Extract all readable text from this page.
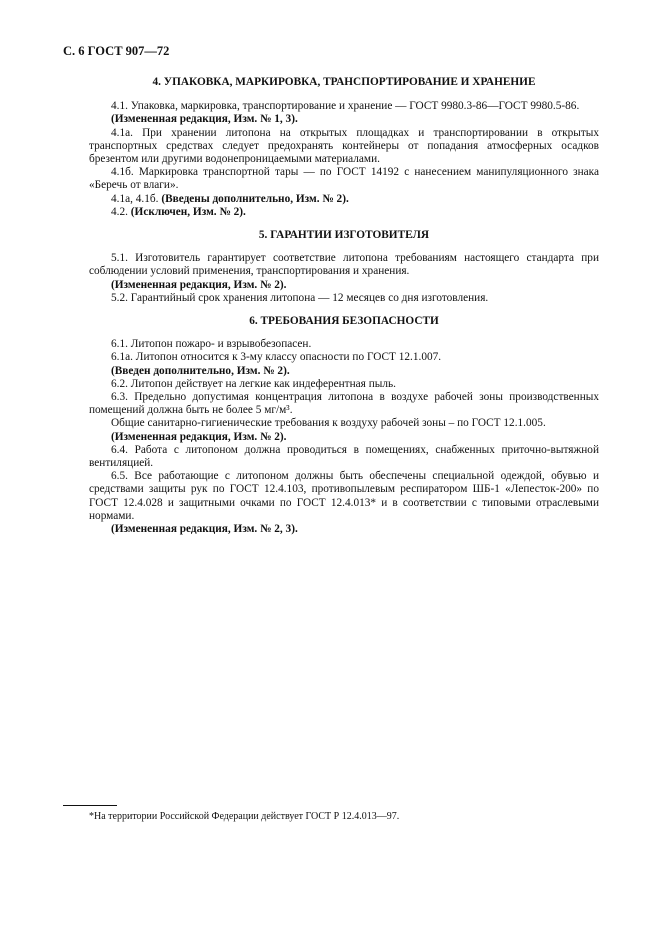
С. 6 ГОСТ 907—72
4. УПАКОВКА, МАРКИРОВКА, ТРАНСПОРТИРОВАНИЕ И ХРАНЕНИЕ

4.1. Упаковка, маркировка, транспортирование и хранение — ГОСТ 9980.3-86—ГОСТ 9980.5-86.

(Измененная редакция, Изм. № 1, 3).

4.1а. При хранении литопона на открытых площадках и транспортировании в открытых транспортных средствах следует предохранять контейнеры от попадания атмосферных осадков брезентом или другими водонепроницаемыми материалами.

4.1б. Маркировка транспортной тары — по ГОСТ 14192 с нанесением манипуляционного знака «Беречь от влаги».

4.1а, 4.1б. (Введены дополнительно, Изм. № 2).

4.2. (Исключен, Изм. № 2).

5. ГАРАНТИИ ИЗГОТОВИТЕЛЯ

5.1. Изготовитель гарантирует соответствие литопона требованиям настоящего стандарта при соблюдении условий применения, транспортирования и хранения.

(Измененная редакция, Изм. № 2).

5.2. Гарантийный срок хранения литопона — 12 месяцев со дня изготовления.

6. ТРЕБОВАНИЯ БЕЗОПАСНОСТИ

6.1. Литопон пожаро- и взрывобезопасен.

6.1а. Литопон относится к 3-му классу опасности по ГОСТ 12.1.007.

(Введен дополнительно, Изм. № 2).

6.2. Литопон действует на легкие как индеферентная пыль.

6.3. Предельно допустимая концентрация литопона в воздухе рабочей зоны производственных помещений должна быть не более 5 мг/м³.

Общие санитарно-гигиенические требования к воздуху рабочей зоны – по ГОСТ 12.1.005.

(Измененная редакция, Изм. № 2).

6.4. Работа с литопоном должна проводиться в помещениях, снабженных приточно-вытяжной вентиляцией.

6.5. Все работающие с литопоном должны быть обеспечены специальной одеждой, обувью и средствами защиты рук по ГОСТ 12.4.103, противопылевым респиратором ШБ-1 «Лепесток-200» по ГОСТ 12.4.028 и защитными очками по ГОСТ 12.4.013* и в соответствии с типовыми отраслевыми нормами.

(Измененная редакция, Изм. № 2, 3).

*На территории Российской Федерации действует ГОСТ Р 12.4.013—97.
